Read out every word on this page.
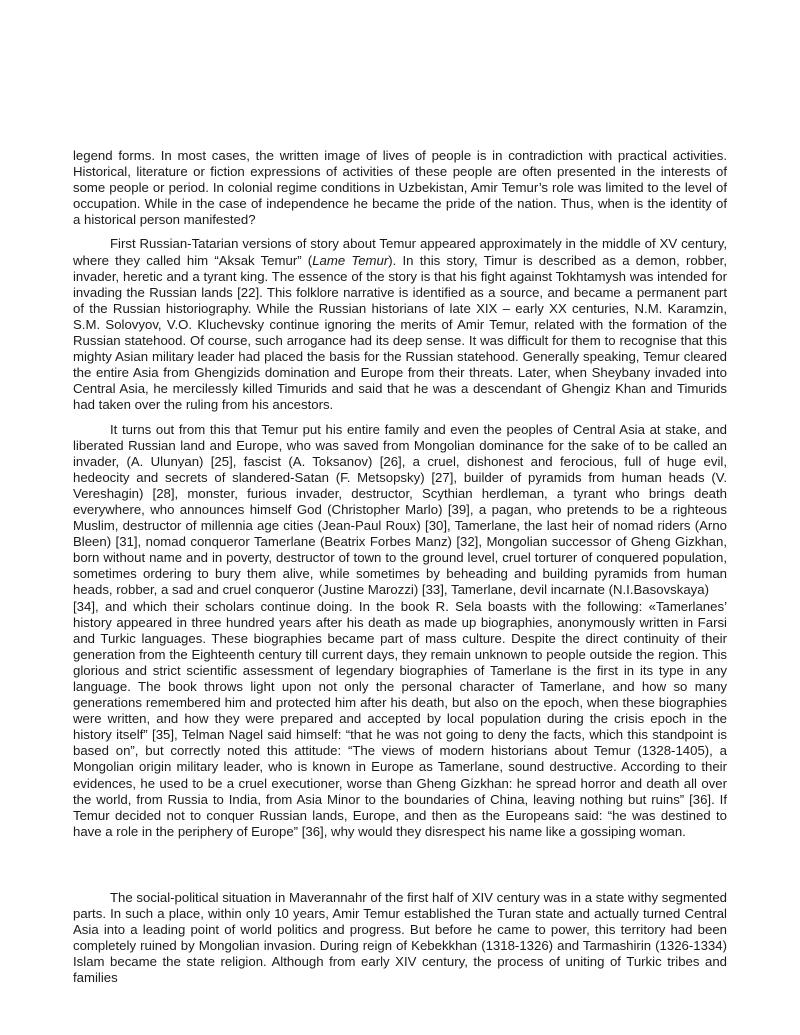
legend forms. In most cases, the written image of lives of people is in contradiction with practical activities. Historical, literature or fiction expressions of activities of these people are often presented in the interests of some people or period. In colonial regime conditions in Uzbekistan, Amir Temur’s role was limited to the level of occupation. While in the case of independence he became the pride of the nation. Thus, when is the identity of a historical person manifested?

First Russian-Tatarian versions of story about Temur appeared approximately in the middle of XV century, where they called him “Aksak Temur” (Lame Temur). In this story, Timur is described as a demon, robber, invader, heretic and a tyrant king. The essence of the story is that his fight against Tokhtamysh was intended for invading the Russian lands [22]. This folklore narrative is identified as a source, and became a permanent part of the Russian historiography. While the Russian historians of late XIX – early XX centuries, N.M. Karamzin, S.M. Solovyov, V.O. Kluchevsky continue ignoring the merits of Amir Temur, related with the formation of the Russian statehood. Of course, such arrogance had its deep sense. It was difficult for them to recognise that this mighty Asian military leader had placed the basis for the Russian statehood. Generally speaking, Temur cleared the entire Asia from Ghengizids domination and Europe from their threats. Later, when Sheybany invaded into Central Asia, he mercilessly killed Timurids and said that he was a descendant of Ghengiz Khan and Timurids had taken over the ruling from his ancestors.

It turns out from this that Temur put his entire family and even the peoples of Central Asia at stake, and liberated Russian land and Europe, who was saved from Mongolian dominance for the sake of to be called an invader, (A. Ulunyan) [25], fascist (A. Toksanov) [26], a cruel, dishonest and ferocious, full of huge evil, hedeocity and secrets of slandered-Satan (F. Metsopsky) [27], builder of pyramids from human heads (V. Vereshagin) [28], monster, furious invader, destructor, Scythian herdleman, a tyrant who brings death everywhere, who announces himself God (Christopher Marlo) [39], a pagan, who pretends to be a righteous Muslim, destructor of millennia age cities (Jean-Paul Roux) [30], Tamerlane, the last heir of nomad riders (Arno Bleen) [31], nomad conqueror Tamerlane (Beatrix Forbes Manz) [32], Mongolian successor of Gheng Gizkhan, born without name and in poverty, destructor of town to the ground level, cruel torturer of conquered population, sometimes ordering to bury them alive, while sometimes by beheading and building pyramids from human heads, robber, a sad and cruel conqueror (Justine Marozzi) [33], Tamerlane, devil incarnate (N.I.Basovskaya)

[34], and which their scholars continue doing. In the book R. Sela boasts with the following: «Tamerlanes’ history appeared in three hundred years after his death as made up biographies, anonymously written in Farsi and Turkic languages. These biographies became part of mass culture. Despite the direct continuity of their generation from the Eighteenth century till current days, they remain unknown to people outside the region. This glorious and strict scientific assessment of legendary biographies of Tamerlane is the first in its type in any language. The book throws light upon not only the personal character of Tamerlane, and how so many generations remembered him and protected him after his death, but also on the epoch, when these biographies were written, and how they were prepared and accepted by local population during the crisis epoch in the history itself” [35], Telman Nagel said himself: “that he was not going to deny the facts, which this standpoint is based on”, but correctly noted this attitude: “The views of modern historians about Temur (1328-1405), a Mongolian origin military leader, who is known in Europe as Tamerlane, sound destructive. According to their evidences, he used to be a cruel executioner, worse than Gheng Gizkhan: he spread horror and death all over the world, from Russia to India, from Asia Minor to the boundaries of China, leaving nothing but ruins” [36]. If Temur decided not to conquer Russian lands, Europe, and then as the Europeans said: “he was destined to have a role in the periphery of Europe” [36], why would they disrespect his name like a gossiping woman.

The social-political situation in Maverannahr of the first half of XIV century was in a state withy segmented parts. In such a place, within only 10 years, Amir Temur established the Turan state and actually turned Central Asia into a leading point of world politics and progress. But before he came to power, this territory had been completely ruined by Mongolian invasion. During reign of Kebekkhan (1318-1326) and Tarmashirin (1326-1334) Islam became the state religion. Although from early XIV century, the process of uniting of Turkic tribes and families
